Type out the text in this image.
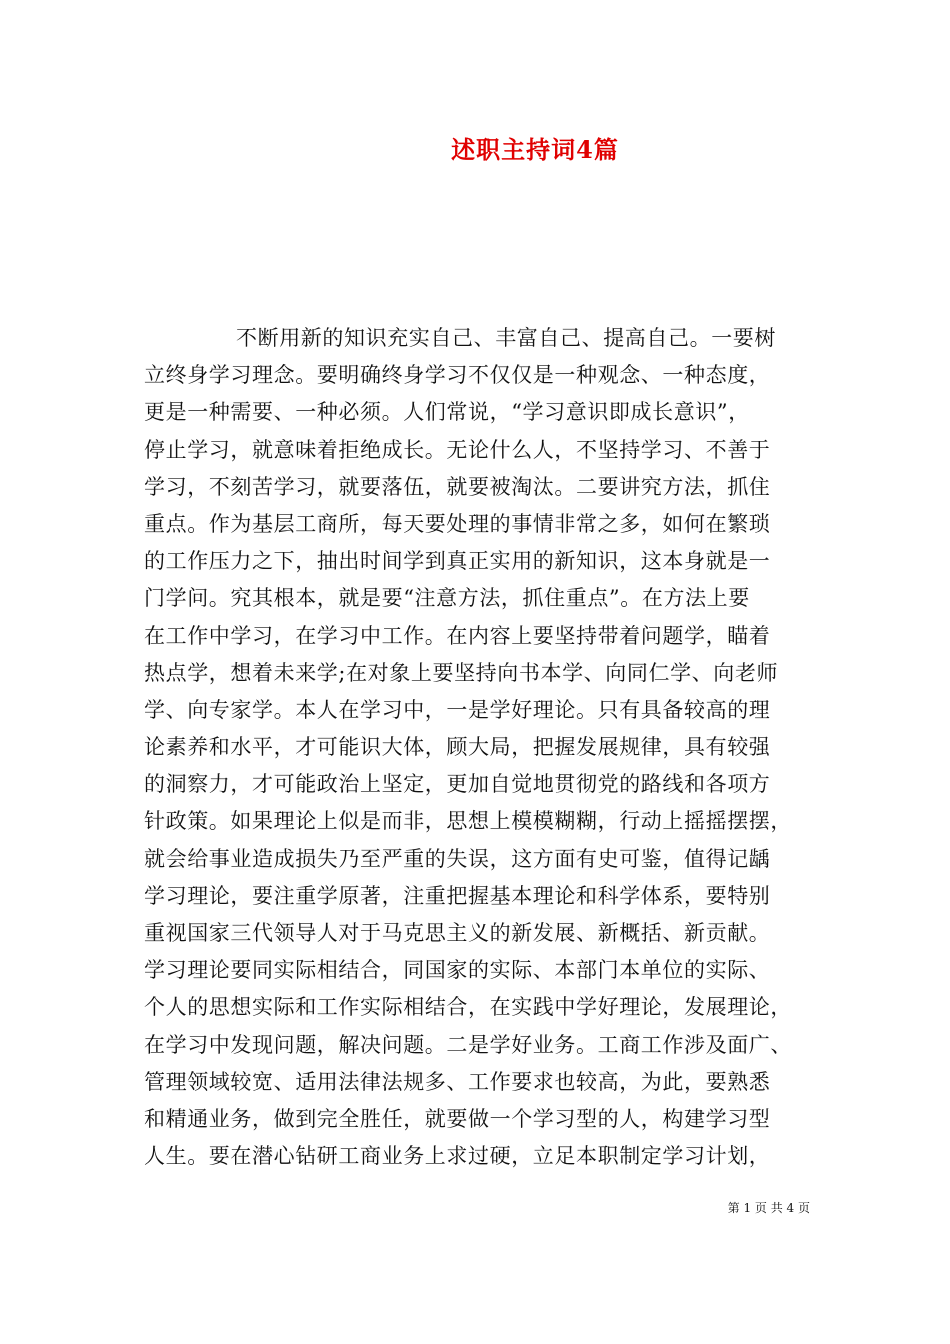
述职主持词4篇
不断用新的知识充实自己、丰富自己、提高自己。一要树
立终身学习理念。要明确终身学习不仅仅是一种观念、一种态度，
更是一种需要、一种必须。人们常说，“学习意识即成长意识”，
停止学习，就意味着拒绝成长。无论什么人，不坚持学习、不善于
学习，不刻苦学习，就要落伍，就要被淘汰。二要讲究方法，抓住
重点。作为基层工商所，每天要处理的事情非常之多，如何在繁琐
的工作压力之下，抽出时间学到真正实用的新知识，这本身就是一
门学问。究其根本，就是要“注意方法，抓住重点”。在方法上要
在工作中学习，在学习中工作。在内容上要坚持带着问题学，瞄着
热点学，想着未来学;在对象上要坚持向书本学、向同仁学、向老师
学、向专家学。本人在学习中，一是学好理论。只有具备较高的理
论素养和水平，才可能识大体，顾大局，把握发展规律，具有较强
的洞察力，才可能政治上坚定，更加自觉地贯彻党的路线和各项方
针政策。如果理论上似是而非，思想上模模糊糊，行动上摇摇摆摆，
就会给事业造成损失乃至严重的失误，这方面有史可鉴，值得记龋
学习理论，要注重学原著，注重把握基本理论和科学体系，要特别
重视国家三代领导人对于马克思主义的新发展、新概括、新贡献。
学习理论要同实际相结合，同国家的实际、本部门本单位的实际、
个人的思想实际和工作实际相结合，在实践中学好理论，发展理论，
在学习中发现问题，解决问题。二是学好业务。工商工作涉及面广、
管理领域较宽、适用法律法规多、工作要求也较高，为此，要熟悉
和精通业务，做到完全胜任，就要做一个学习型的人，构建学习型
人生。要在潜心钻研工商业务上求过硬，立足本职制定学习计划，
第 1 页 共 4 页
